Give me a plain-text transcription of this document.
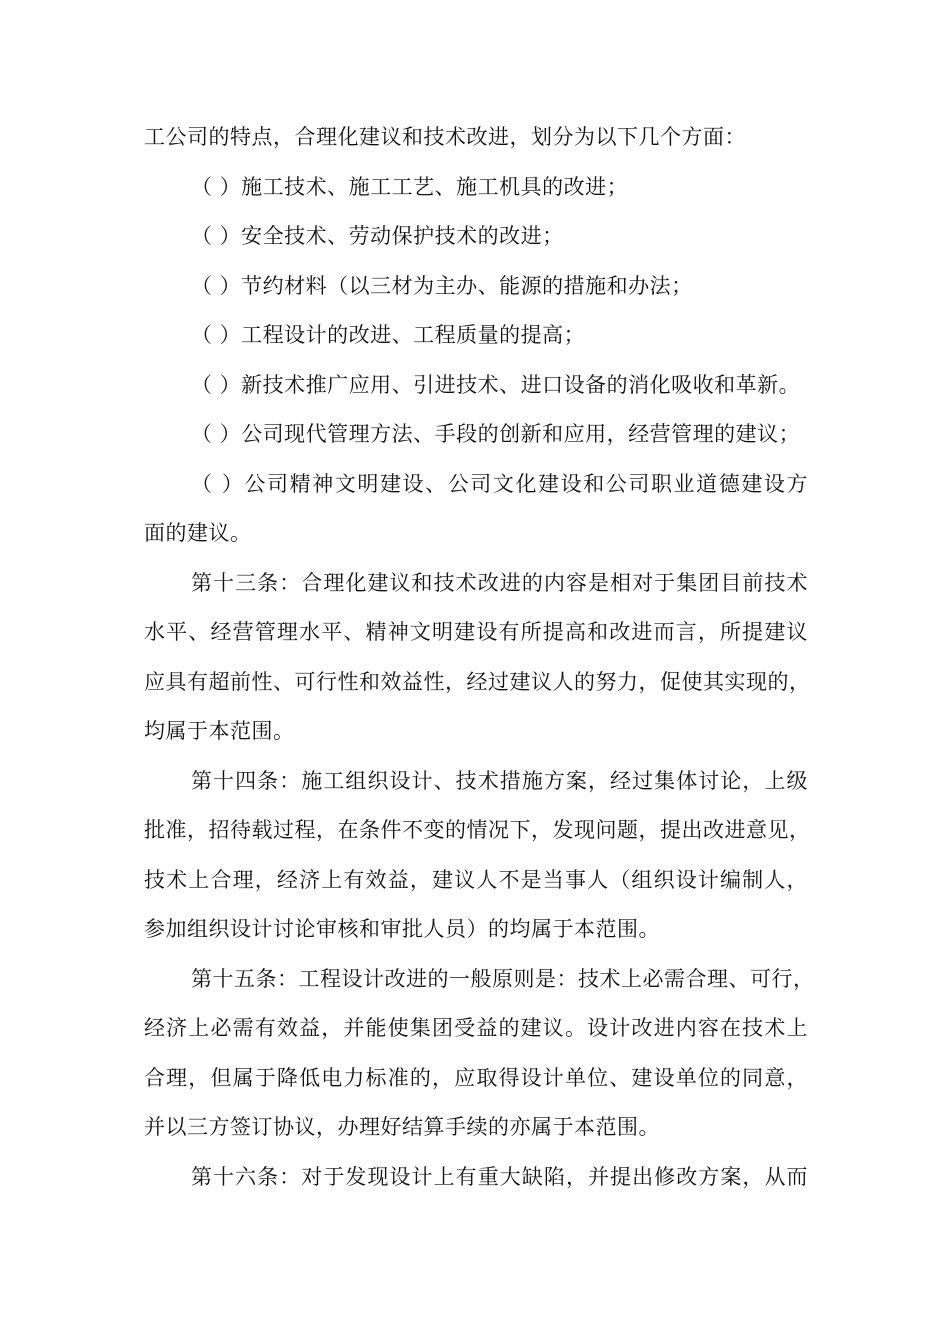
工公司的特点，合理化建议和技术改进，划分为以下几个方面：
（ ）施工技术、施工工艺、施工机具的改进；
（ ）安全技术、劳动保护技术的改进；
（ ）节约材料（以三材为主办、能源的措施和办法；
（ ）工程设计的改进、工程质量的提高；
（ ）新技术推广应用、引进技术、进口设备的消化吸收和革新。
（ ）公司现代管理方法、手段的创新和应用，经营管理的建议；
（ ）公司精神文明建设、公司文化建设和公司职业道德建设方
面的建议。
第十三条：合理化建议和技术改进的内容是相对于集团目前技术
水平、经营管理水平、精神文明建设有所提高和改进而言，所提建议
应具有超前性、可行性和效益性，经过建议人的努力，促使其实现的，
均属于本范围。
第十四条：施工组织设计、技术措施方案，经过集体讨论，上级
批准，招待载过程，在条件不变的情况下，发现问题，提出改进意见，
技术上合理，经济上有效益，建议人不是当事人（组织设计编制人，
参加组织设计讨论审核和审批人员）的均属于本范围。
第十五条：工程设计改进的一般原则是：技术上必需合理、可行，
经济上必需有效益，并能使集团受益的建议。设计改进内容在技术上
合理，但属于降低电力标准的，应取得设计单位、建设单位的同意，
并以三方签订协议，办理好结算手续的亦属于本范围。
第十六条：对于发现设计上有重大缺陷，并提出修改方案，从而
